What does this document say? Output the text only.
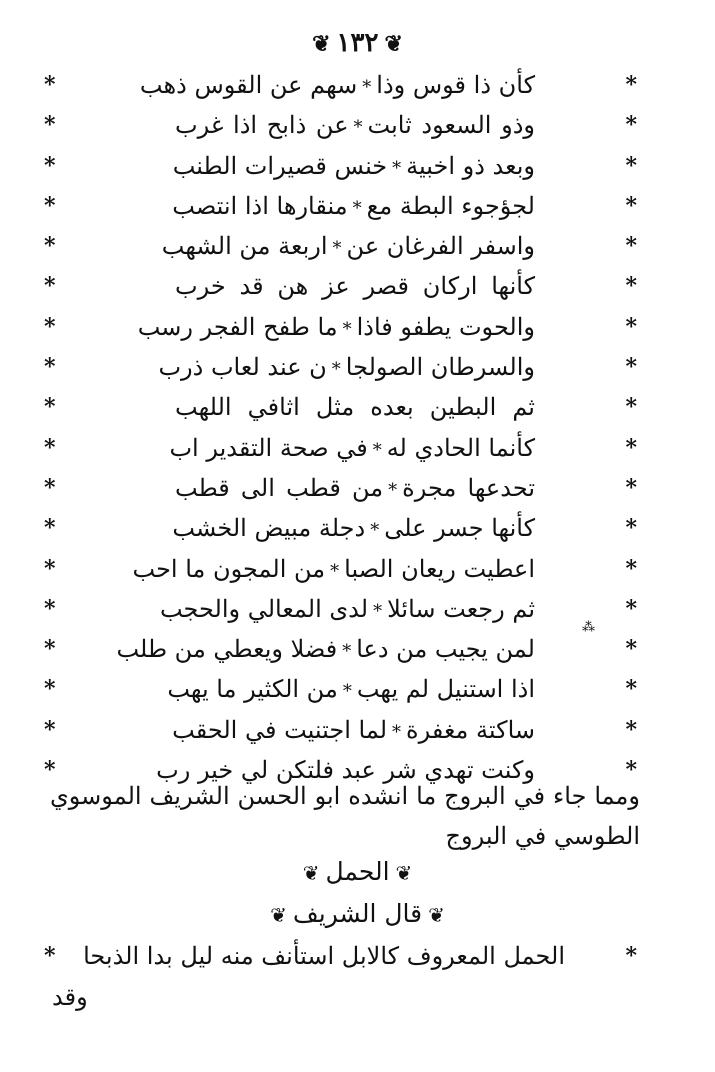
❦ ١٣٢ ❦
*
كأن ذا قوس وذا*سهم عن القوس ذهب
*
*
وذو السعود ثابت*عن ذابح اذا غرب
*
*
وبعد ذو اخبية*خنس قصيرات الطنب
*
*
لجؤجوء البطة مع*منقارها اذا انتصب
*
*
واسفر الفرغان عن*اربعة من الشهب
*
*
كأنها اركان قصر عز هن قد خرب
*
*
والحوت يطفو فاذا*ما طفح الفجر رسب
*
*
والسرطان الصولجا*ن عند لعاب ذرب
*
*
ثم البطين بعده مثل اثافي اللهب
*
*
كأنما الحادي له*في صحة التقدير اب
*
*
تحدعها مجرة*من قطب الى قطب
*
*
كأنها جسر على*دجلة مبيض الخشب
*
*
اعطيت ريعان الصبا*من المجون ما احب
*
*
ثم رجعت سائلا*لدى المعالي والحجب
*
*
لمن يجيب من دعا*فضلا ويعطي من طلب
*
*
اذا استنيل لم يهب*من الكثير ما يهب
*
*
ساكتة مغفرة*لما اجتنيت في الحقب
*
*
وكنت تهدي شر عبد فلتكن لي خير رب
*
⁂
ومما جاء في البروج ما انشده ابو الحسن الشريف الموسوي الطوسي في البروج
❦الحمل❦
❦قال الشريف❦
*
الحمل المعروف كالابل استأنف منه ليل بدا الذبحا
*
وقد
